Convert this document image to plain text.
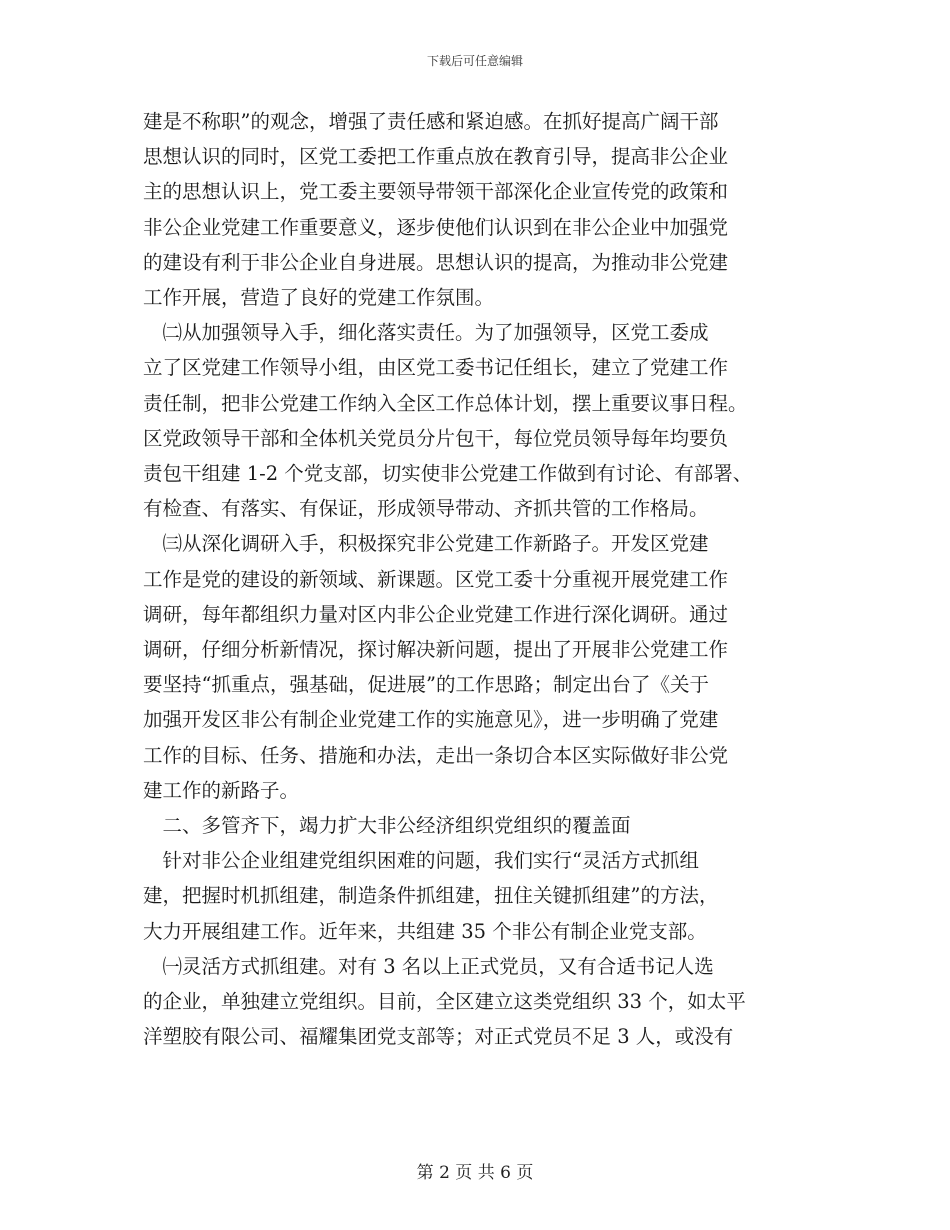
下载后可任意编辑
建是不称职”的观念，增强了责任感和紧迫感。在抓好提高广阔干部
思想认识的同时，区党工委把工作重点放在教育引导，提高非公企业
主的思想认识上，党工委主要领导带领干部深化企业宣传党的政策和
非公企业党建工作重要意义，逐步使他们认识到在非公企业中加强党
的建设有利于非公企业自身进展。思想认识的提高，为推动非公党建
工作开展，营造了良好的党建工作氛围。
　㈡从加强领导入手，细化落实责任。为了加强领导，区党工委成
立了区党建工作领导小组，由区党工委书记任组长，建立了党建工作
责任制，把非公党建工作纳入全区工作总体计划，摆上重要议事日程。
区党政领导干部和全体机关党员分片包干，每位党员领导每年均要负
责包干组建 1-2 个党支部，切实使非公党建工作做到有讨论、有部署、
有检查、有落实、有保证，形成领导带动、齐抓共管的工作格局。
　㈢从深化调研入手，积极探究非公党建工作新路子。开发区党建
工作是党的建设的新领域、新课题。区党工委十分重视开展党建工作
调研，每年都组织力量对区内非公企业党建工作进行深化调研。通过
调研，仔细分析新情况，探讨解决新问题，提出了开展非公党建工作
要坚持“抓重点，强基础，促进展”的工作思路；制定出台了《关于
加强开发区非公有制企业党建工作的实施意见》，进一步明确了党建
工作的目标、任务、措施和办法，走出一条切合本区实际做好非公党
建工作的新路子。
　二、多管齐下，竭力扩大非公经济组织党组织的覆盖面
　针对非公企业组建党组织困难的问题，我们实行“灵活方式抓组
建，把握时机抓组建，制造条件抓组建，扭住关键抓组建”的方法，
大力开展组建工作。近年来，共组建 35 个非公有制企业党支部。
　㈠灵活方式抓组建。对有 3 名以上正式党员，又有合适书记人选
的企业，单独建立党组织。目前，全区建立这类党组织 33 个，如太平
洋塑胶有限公司、福耀集团党支部等；对正式党员不足 3 人，或没有
第 2 页 共 6 页
